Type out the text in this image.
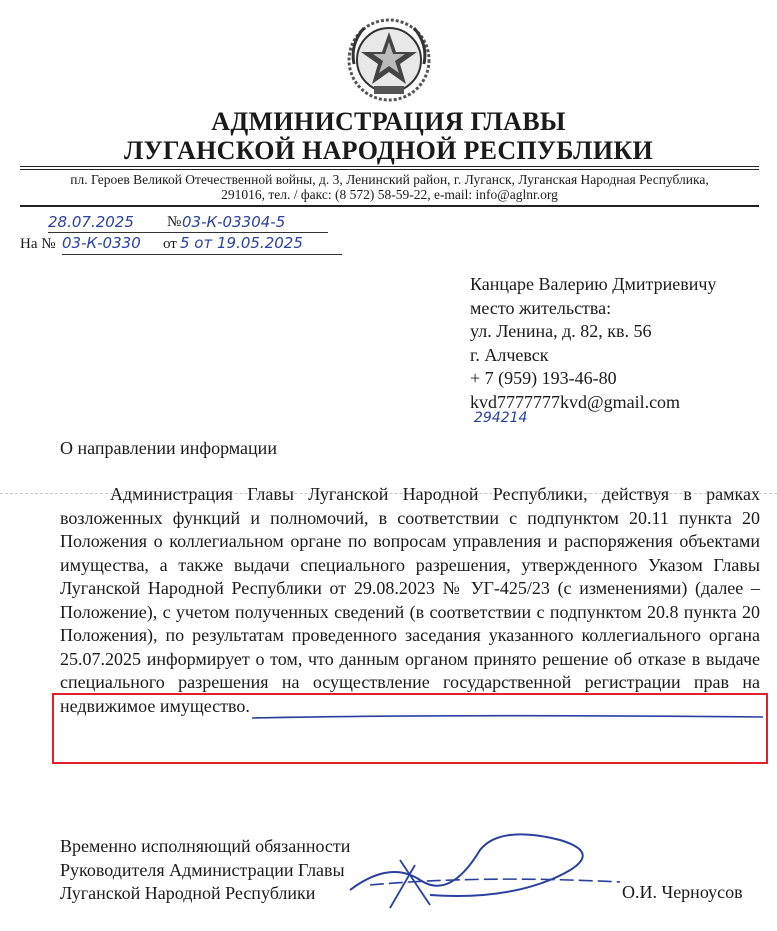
АДМИНИСТРАЦИЯ ГЛАВЫ
ЛУГАНСКОЙ НАРОДНОЙ РЕСПУБЛИКИ
пл. Героев Великой Отечественной войны, д. 3, Ленинский район, г. Луганск, Луганская Народная Республика,
291016, тел. / факс: (8 572) 58-59-22, e-mail: info@aglnr.org
28.07.2025 № 03-К-03304-5
На № 03-К-0330 от 5 от 19.05.2025
Канцаре Валерию Дмитриевичу
место жительства:
ул. Ленина, д. 82, кв. 56
г. Алчевск
+ 7 (959) 193-46-80
kvd7777777kvd@gmail.com
294214
О направлении информации

Администрация Главы Луганской Народной Республики, действуя в рамках возложенных функций и полномочий, в соответствии с подпунктом 20.11 пункта 20 Положения о коллегиальном органе по вопросам управления и распоряжения объектами имущества, а также выдачи специального разрешения, утвержденного Указом Главы Луганской Народной Республики от 29.08.2023 № УГ-425/23 (с изменениями) (далее – Положение), с учетом полученных сведений (в соответствии с подпунктом 20.8 пункта 20 Положения), по результатам проведенного заседания указанного коллегиального органа 25.07.2025 информирует о том, что данным органом принято решение об отказе в выдаче специального разрешения на осуществление государственной регистрации прав на недвижимое имущество.

Временно исполняющий обязанности
Руководителя Администрации Главы
Луганской Народной Республики	О.И. Черноусов
